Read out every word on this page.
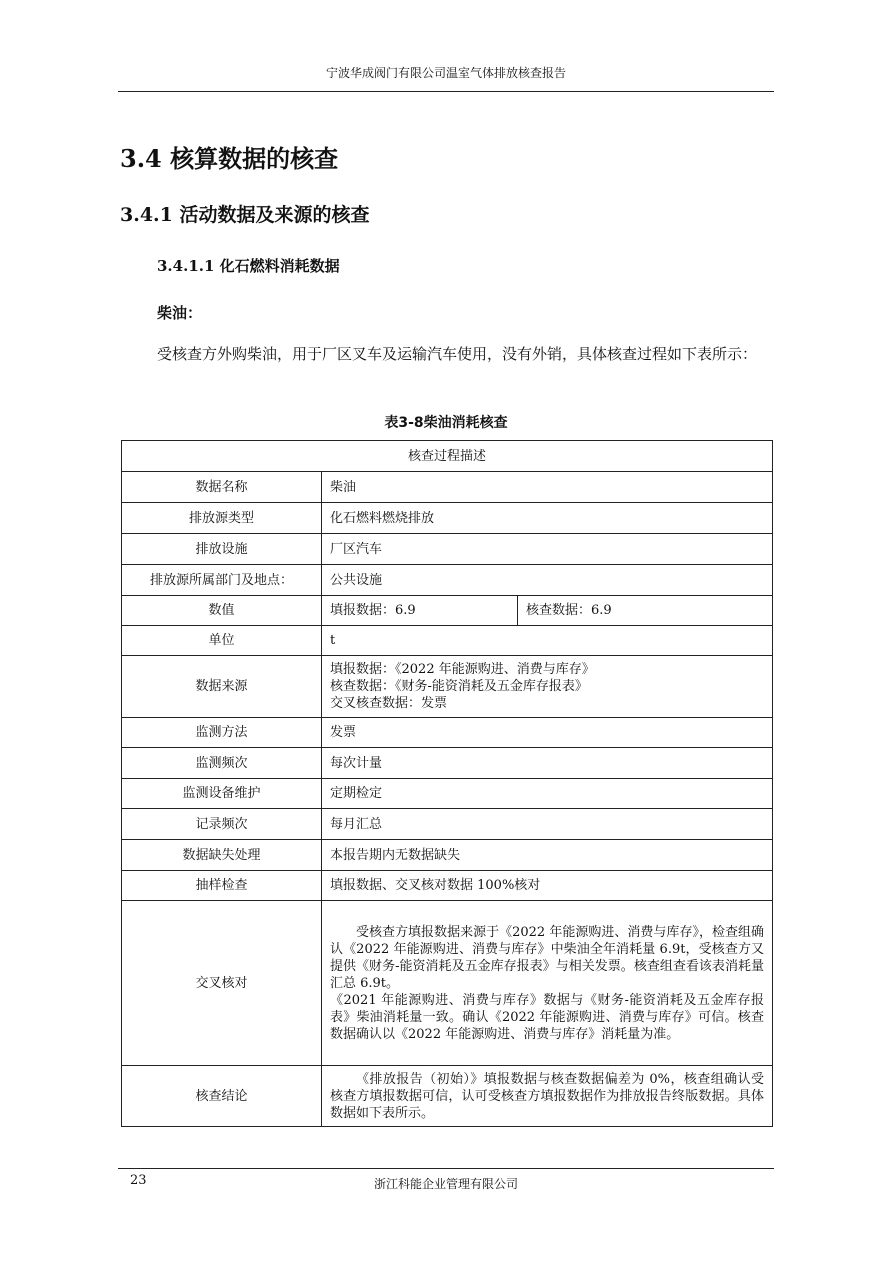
宁波华成阀门有限公司温室气体排放核查报告
3.4 核算数据的核查
3.4.1 活动数据及来源的核查
3.4.1.1 化石燃料消耗数据
柴油：
受核查方外购柴油，用于厂区叉车及运输汽车使用，没有外销，具体核查过程如下表所示：
表3-8柴油消耗核查
核查过程描述		
数据名称	柴油	
排放源类型	化石燃料燃烧排放	
排放设施	厂区汽车	
排放源所属部门及地点：	公共设施	
数值	填报数据：6.9	核查数据：6.9
单位	t	
数据来源	填报数据：《2022 年能源购进、消费与库存》
核查数据：《财务-能资消耗及五金库存报表》
交叉核查数据：发票	

监测方法	发票	
监测频次	每次计量	
监测设备维护	定期检定	
记录频次	每月汇总	
数据缺失处理	本报告期内无数据缺失	
抽样检查	填报数据、交叉核对数据 100%核对	
交叉核对	受核查方填报数据来源于《2022 年能源购进、消费与库存》，检查组确认《2022 年能源购进、消费与库存》中柴油全年消耗量 6.9t，受核查方又提供《财务-能资消耗及五金库存报表》与相关发票。核查组查看该表消耗量汇总 6.9t。
《2021 年能源购进、消费与库存》数据与《财务-能资消耗及五金库存报表》柴油消耗量一致。确认《2022 年能源购进、消费与库存》可信。核查数据确认以《2022 年能源购进、消费与库存》消耗量为准。	

核查结论	《排放报告（初始）》填报数据与核查数据偏差为 0%，核查组确认受核查方填报数据可信，认可受核查方填报数据作为排放报告终版数据。具体数据如下表所示。	
23	浙江科能企业管理有限公司
